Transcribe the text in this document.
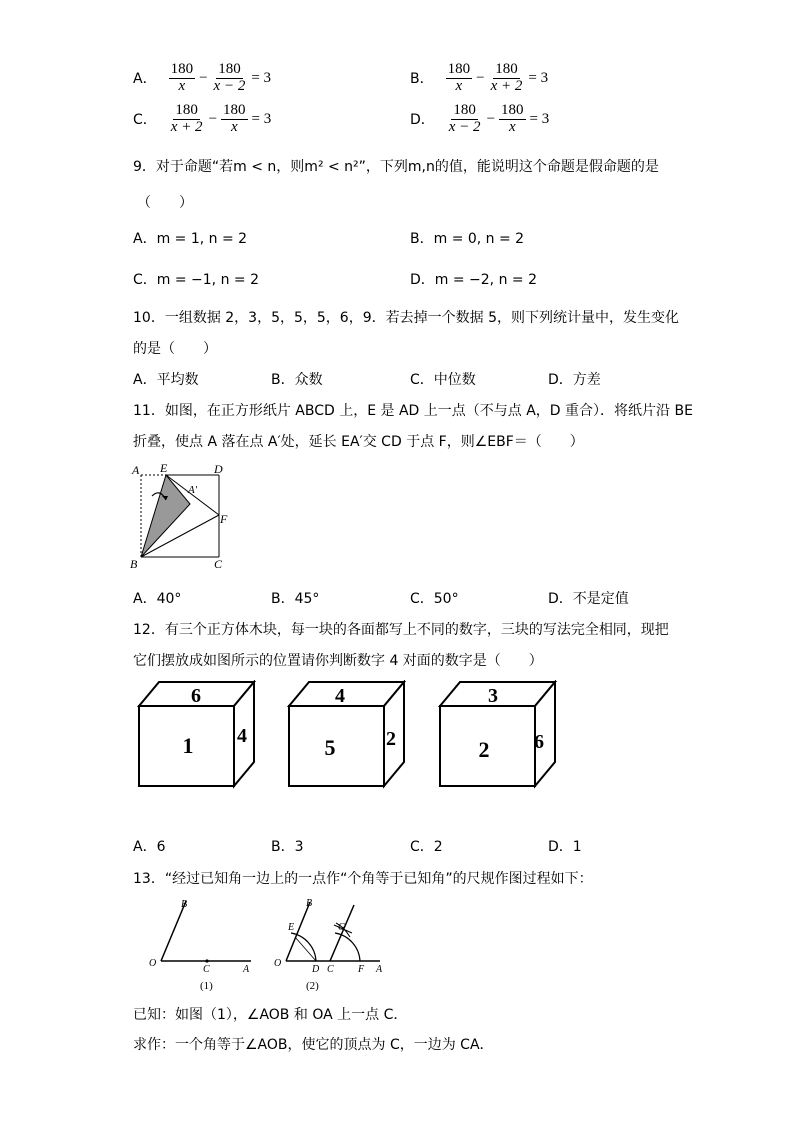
A． $\frac{180}{x} - \frac{180}{x - 2} = 3$	B． $\frac{180}{x} - \frac{180}{x + 2} = 3$
C． $\frac{180}{x + 2} - \frac{180}{x} = 3$	D． $\frac{180}{x - 2} - \frac{180}{x} = 3$
9．对于命题“若m < n，则m² < n²”，下列m,n的值，能说明这个命题是假命题的是
（　　）
A．m = 1, n = 2	B．m = 0, n = 2
C．m = −1, n = 2	D．m = −2, n = 2
10．一组数据 2，3，5，5，5，6，9．若去掉一个数据 5，则下列统计量中，发生变化
的是（　　）
A．平均数	B．众数	C．中位数	D．方差
11．如图，在正方形纸片 ABCD 上，E 是 AD 上一点（不与点 A，D 重合）．将纸片沿 BE
折叠，使点 A 落在点 A′处，延长 EA′交 CD 于点 F，则∠EBF＝（　　）
A E	D
A′
F
B	C
A．40°	B．45°	C．50°	D．不是定值
12．有三个正方体木块，每一块的各面都写上不同的数字，三块的写法完全相同，现把
它们摆放成如图所示的位置请你判断数字 4 对面的数字是（　　）
6
1 4
4
5	2
3
2 6
A．6	B．3	C．2	D．1
13．“经过已知角一边上的一点作“个角等于已知角”的尺规作图过程如下：
B
O
C	A
(1)
B
E	G
O
D C F A
(2)
已知：如图（1），∠AOB 和 OA 上一点 C．
求作：一个角等于∠AOB，使它的顶点为 C，一边为 CA．
